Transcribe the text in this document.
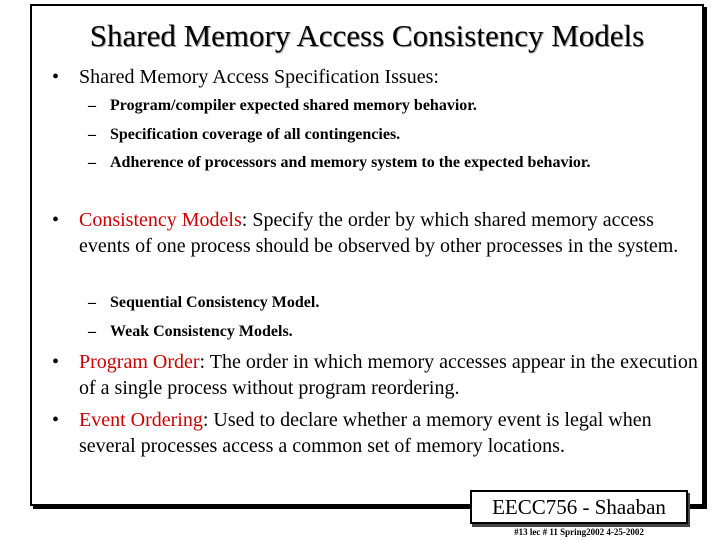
Shared Memory Access Consistency Models
• Shared Memory Access Specification Issues:
– Program/compiler expected shared memory behavior.
– Specification coverage of all contingencies.
– Adherence of processors and memory system to the expected behavior.
• Consistency Models: Specify the order by which shared memory access events of one process should be observed by other processes in the system.
– Sequential Consistency Model.
– Weak Consistency Models.
• Program Order: The order in which memory accesses appear in the execution of a single process without program reordering.
• Event Ordering: Used to declare whether a memory event is legal when several processes access a common set of memory locations.
EECC756 - Shaaban
#13 lec # 11 Spring2002 4-25-2002
